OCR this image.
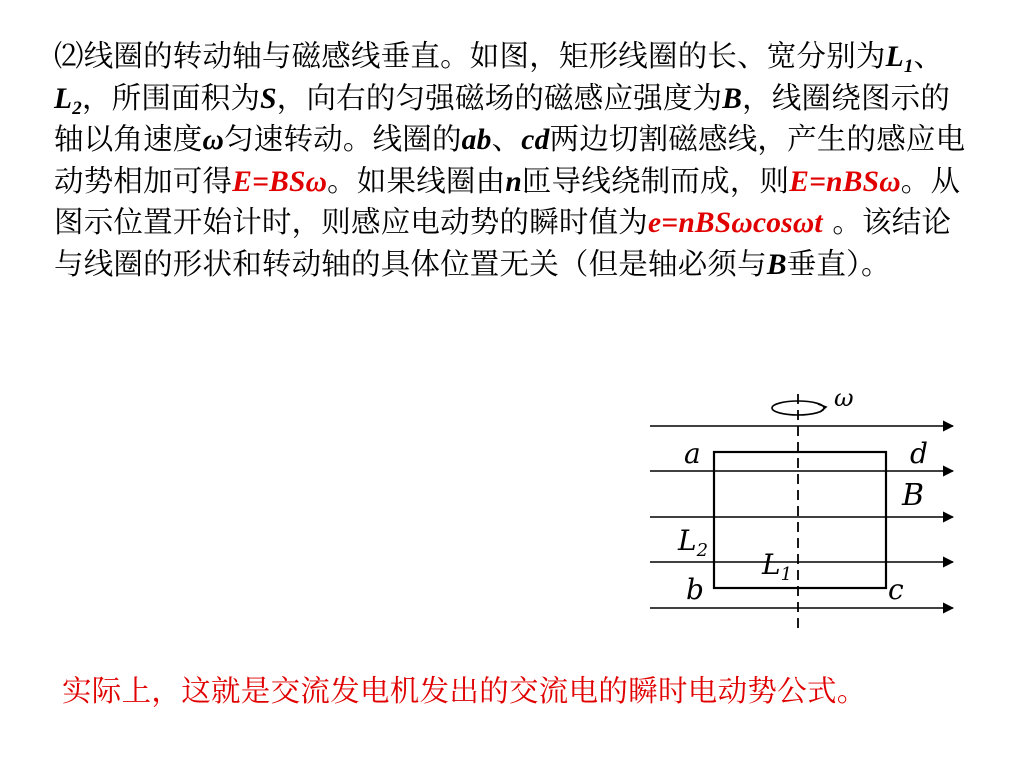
⑵线圈的转动轴与磁感线垂直。如图，矩形线圈的长、宽分别为$L_1$、$L_2$，所围面积为S，向右的匀强磁场的磁感应强度为B，线圈绕图示的轴以角速度ω匀速转动。线圈的ab、cd两边切割磁感线，产生的感应电动势相加可得E=BSω。如果线圈由n匝导线绕制而成，则E=nBSω。从图示位置开始计时，则感应电动势的瞬时值为e=nBSωcosωt 。该结论与线圈的形状和转动轴的具体位置无关（但是轴必须与B垂直）。
ω
a	d
B
$L_2$ $L_1$
b	c
实际上，这就是交流发电机发出的交流电的瞬时电动势公式。
